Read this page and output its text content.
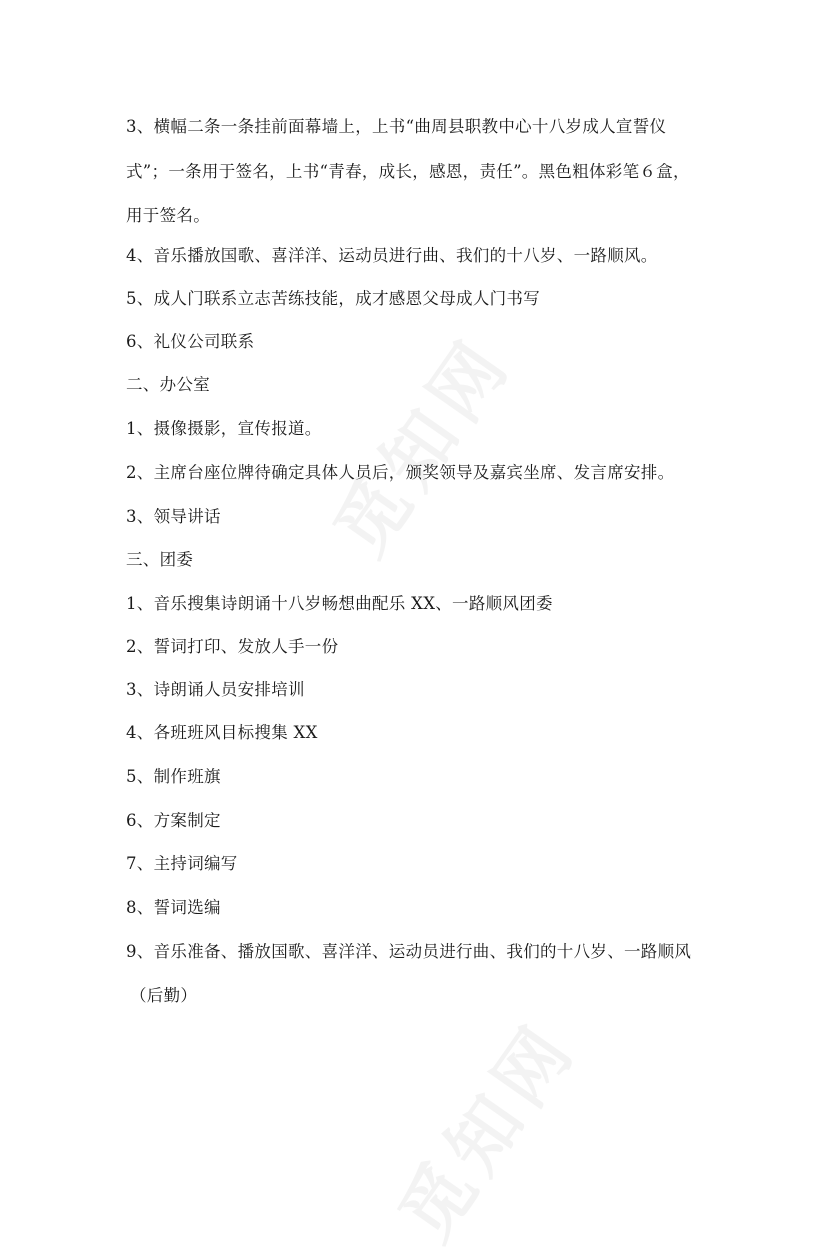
3、横幅二条一条挂前面幕墙上，上书“曲周县职教中心十八岁成人宣誓仪
式”；一条用于签名，上书“青春，成长，感恩，责任”。黑色粗体彩笔６盒，
用于签名。
4、音乐播放国歌、喜洋洋、运动员进行曲、我们的十八岁、一路顺风。
5、成人门联系立志苦练技能，成才感恩父母成人门书写
6、礼仪公司联系
二、办公室
1、摄像摄影，宣传报道。
2、主席台座位牌待确定具体人员后，颁奖领导及嘉宾坐席、发言席安排。
3、领导讲话
三、团委
1、音乐搜集诗朗诵十八岁畅想曲配乐 XX、一路顺风团委
2、誓词打印、发放人手一份
3、诗朗诵人员安排培训
4、各班班风目标搜集 XX
5、制作班旗
6、方案制定
7、主持词编写
8、誓词选编
9、音乐准备、播放国歌、喜洋洋、运动员进行曲、我们的十八岁、一路顺风
（后勤）
